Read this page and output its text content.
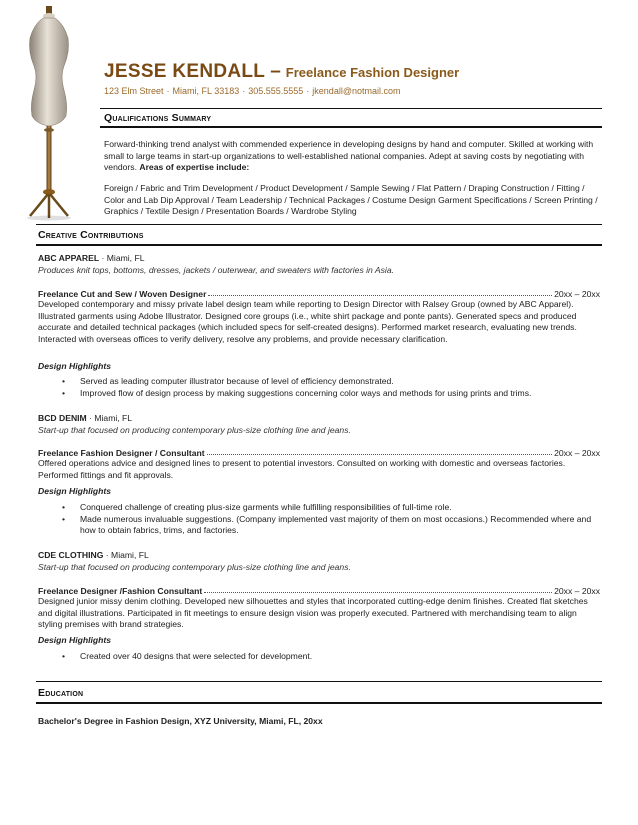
JESSE KENDALL – Freelance Fashion Designer
123 Elm Street · Miami, FL 33183 · 305.555.5555 · jkendall@notmail.com
Qualifications Summary
Forward-thinking trend analyst with commended experience in developing designs by hand and computer. Skilled at working with small to large teams in start-up organizations to well-established national companies. Adept at saving costs by negotiating with vendors. Areas of expertise include:
Foreign / Fabric and Trim Development / Product Development / Sample Sewing / Flat Pattern / Draping Construction / Fitting / Color and Lab Dip Approval / Team Leadership / Technical Packages / Costume Design Garment Specifications / Screen Printing / Graphics / Textile Design / Presentation Boards / Wardrobe Styling
Creative Contributions
ABC APPAREL · Miami, FL
Produces knit tops, bottoms, dresses, jackets / outerwear, and sweaters with factories in Asia.
Freelance Cut and Sew / Woven Designer	20xx – 20xx
Developed contemporary and missy private label design team while reporting to Design Director with Ralsey Group (owned by ABC Apparel). Illustrated garments using Adobe Illustrator. Designed core groups (i.e., white shirt package and ponte pants). Generated specs and produced accurate and detailed technical packages (which included specs for self-created designs). Performed market research, evaluating new trends. Interacted with overseas offices to verify delivery, resolve any problems, and provide necessary clarification.
Design Highlights
• Served as leading computer illustrator because of level of efficiency demonstrated.
• Improved flow of design process by making suggestions concerning color ways and methods for using prints and trims.
BCD DENIM · Miami, FL
Start-up that focused on producing contemporary plus-size clothing line and jeans.
Freelance Fashion Designer / Consultant	20xx – 20xx
Offered operations advice and designed lines to present to potential investors. Consulted on working with domestic and overseas factories. Performed fittings and fit approvals.
Design Highlights
• Conquered challenge of creating plus-size garments while fulfilling responsibilities of full-time role.
• Made numerous invaluable suggestions. (Company implemented vast majority of them on most occasions.) Recommended where and how to obtain fabrics, trims, and factories.
CDE CLOTHING · Miami, FL
Start-up that focused on producing contemporary plus-size clothing line and jeans.
Freelance Designer /Fashion Consultant	20xx – 20xx
Designed junior missy denim clothing. Developed new silhouettes and styles that incorporated cutting-edge denim finishes. Created flat sketches and digital illustrations. Participated in fit meetings to ensure design vision was properly executed. Partnered with merchandising team to align styling premises with brand strategies.
Design Highlights
• Created over 40 designs that were selected for development.
Education
Bachelor's Degree in Fashion Design, XYZ University, Miami, FL, 20xx
